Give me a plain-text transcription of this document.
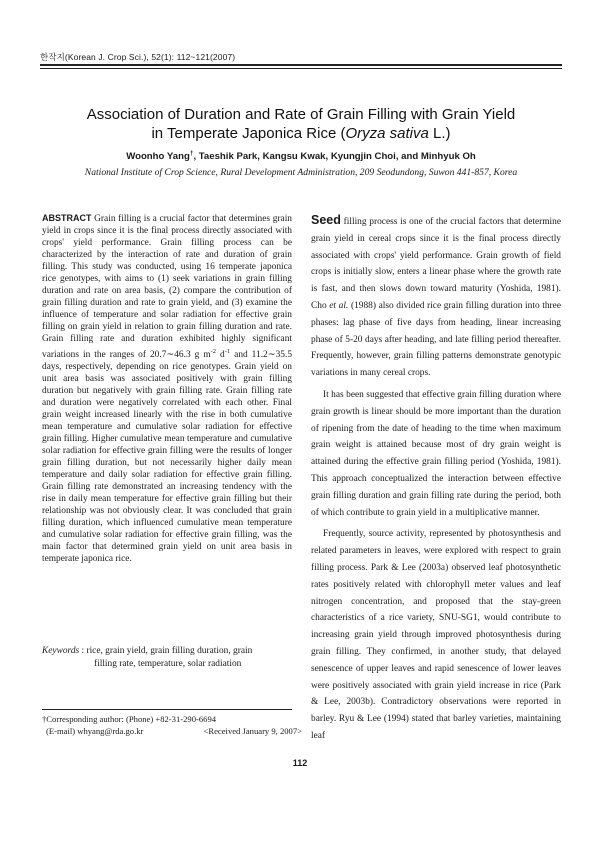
한작지(Korean J. Crop Sci.), 52(1): 112~121(2007)
Association of Duration and Rate of Grain Filling with Grain Yield
in Temperate Japonica Rice (Oryza sativa L.)
Woonho Yang†, Taeshik Park, Kangsu Kwak, Kyungjin Choi, and Minhyuk Oh
National Institute of Crop Science, Rural Development Administration, 209 Seodundong, Suwon 441-857, Korea
ABSTRACT Grain filling is a crucial factor that determines grain yield in crops since it is the final process directly associated with crops' yield performance. Grain filling process can be characterized by the interaction of rate and duration of grain filling. This study was conducted, using 16 temperate japonica rice genotypes, with aims to (1) seek variations in grain filling duration and rate on area basis, (2) compare the contribution of grain filling duration and rate to grain yield, and (3) examine the influence of temperature and solar radiation for effective grain filling on grain yield in relation to grain filling duration and rate. Grain filling rate and duration exhibited highly significant variations in the ranges of 20.7∼46.3 g $m^{-2}$ $d^{-1}$ and 11.2∼35.5 days, respectively, depending on rice genotypes. Grain yield on unit area basis was associated positively with grain filling duration but negatively with grain filling rate. Grain filling rate and duration were negatively correlated with each other. Final grain weight increased linearly with the rise in both cumulative mean temperature and cumulative solar radiation for effective grain filling. Higher cumulative mean temperature and cumulative solar radiation for effective grain filling were the results of longer grain filling duration, but not necessarily higher daily mean temperature and daily solar radiation for effective grain filling. Grain filling rate demonstrated an increasing tendency with the rise in daily mean temperature for effective grain filling but their relationship was not obviously clear. It was concluded that grain filling duration, which influenced cumulative mean temperature and cumulative solar radiation for effective grain filling, was the main factor that determined grain yield on unit area basis in temperate japonica rice.
Keywords : rice, grain yield, grain filling duration, grain
filling rate, temperature, solar radiation
†Corresponding author: (Phone) +82-31-290-6694
(E-mail) whyang@rda.go.kr	<Received January 9, 2007>

Seed filling process is one of the crucial factors that determine grain yield in cereal crops since it is the final process directly associated with crops' yield performance. Grain growth of field crops is initially slow, enters a linear phase where the growth rate is fast, and then slows down toward maturity (Yoshida, 1981). Cho et al. (1988) also divided rice grain filling duration into three phases: lag phase of five days from heading, linear increasing phase of 5-20 days after heading, and late filling period thereafter. Frequently, however, grain filling patterns demonstrate genotypic variations in many cereal crops.

It has been suggested that effective grain filling duration where grain growth is linear should be more important than the duration of ripening from the date of heading to the time when maximum grain weight is attained because most of dry grain weight is attained during the effective grain filling period (Yoshida, 1981). This approach conceptualized the interaction between effective grain filling duration and grain filling rate during the period, both of which contribute to grain yield in a multiplicative manner.

Frequently, source activity, represented by photosynthesis and related parameters in leaves, were explored with respect to grain filling process. Park & Lee (2003a) observed leaf photosynthetic rates positively related with chlorophyll meter values and leaf nitrogen concentration, and proposed that the stay-green characteristics of a rice variety, SNU-SG1, would contribute to increasing grain yield through improved photosynthesis during grain filling. They confirmed, in another study, that delayed senescence of upper leaves and rapid senescence of lower leaves were positively associated with grain yield increase in rice (Park & Lee, 2003b). Contradictory observations were reported in barley. Ryu & Lee (1994) stated that barley varieties, maintaining leaf

112
